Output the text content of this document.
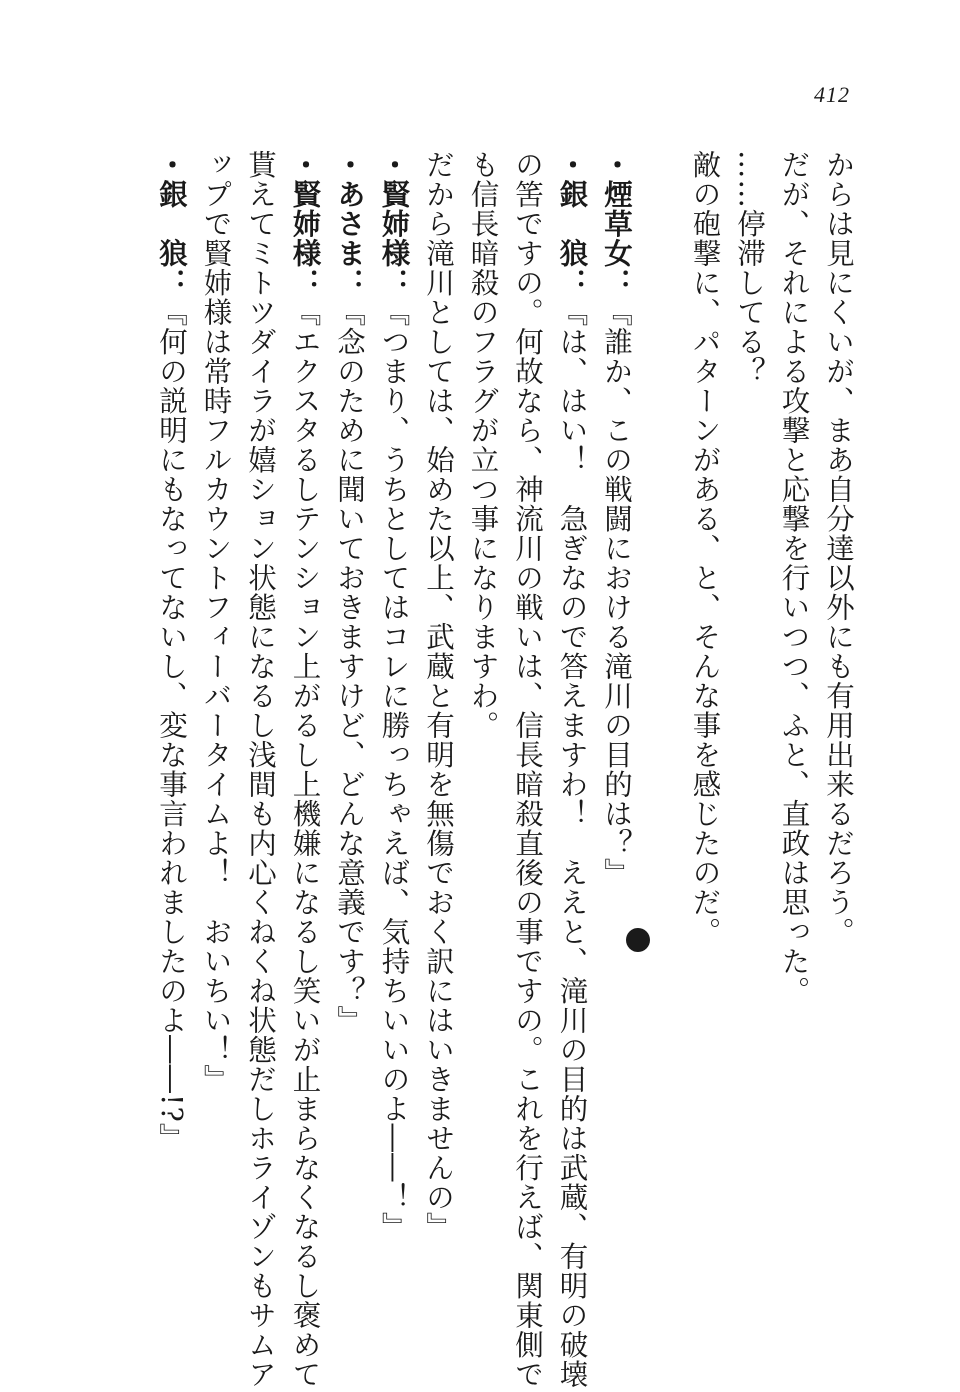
412
からは見にくいが、まあ自分達以外にも有用出来るだろう。
だが、それによる攻撃と応撃を行いつつ、ふと、直政は思った。
……停滞してる？
敵の砲撃に、パターンがある、と、そんな事を感じたのだ。
・煙草女：『誰か、この戦闘における滝川の目的は？』
・銀　狼：『は、はい！　急ぎなので答えますわ！　ええと、滝川の目的は武蔵、有明の破壊
の筈ですの。何故なら、神流川の戦いは、信長暗殺直後の事ですの。これを行えば、関東側で
も信長暗殺のフラグが立つ事になりますわ。
だから滝川としては、始めた以上、武蔵と有明を無傷でおく訳にはいきませんの』
・賢姉様：『つまり、うちとしてはコレに勝っちゃえば、気持ちいいのよ――！』
・あさま：『念のために聞いておきますけど、どんな意義です？』
・賢姉様：『エクスタるしテンション上がるし上機嫌になるし笑いが止まらなくなるし褒めて
貰えてミトツダイラが嬉ション状態になるし浅間も内心くねくね状態だしホライゾンもサムア
ップで賢姉様は常時フルカウントフィーバータイムよ！　おいちい！』
・銀　狼：『何の説明にもなってないし、変な事言われましたのよ――!?』
